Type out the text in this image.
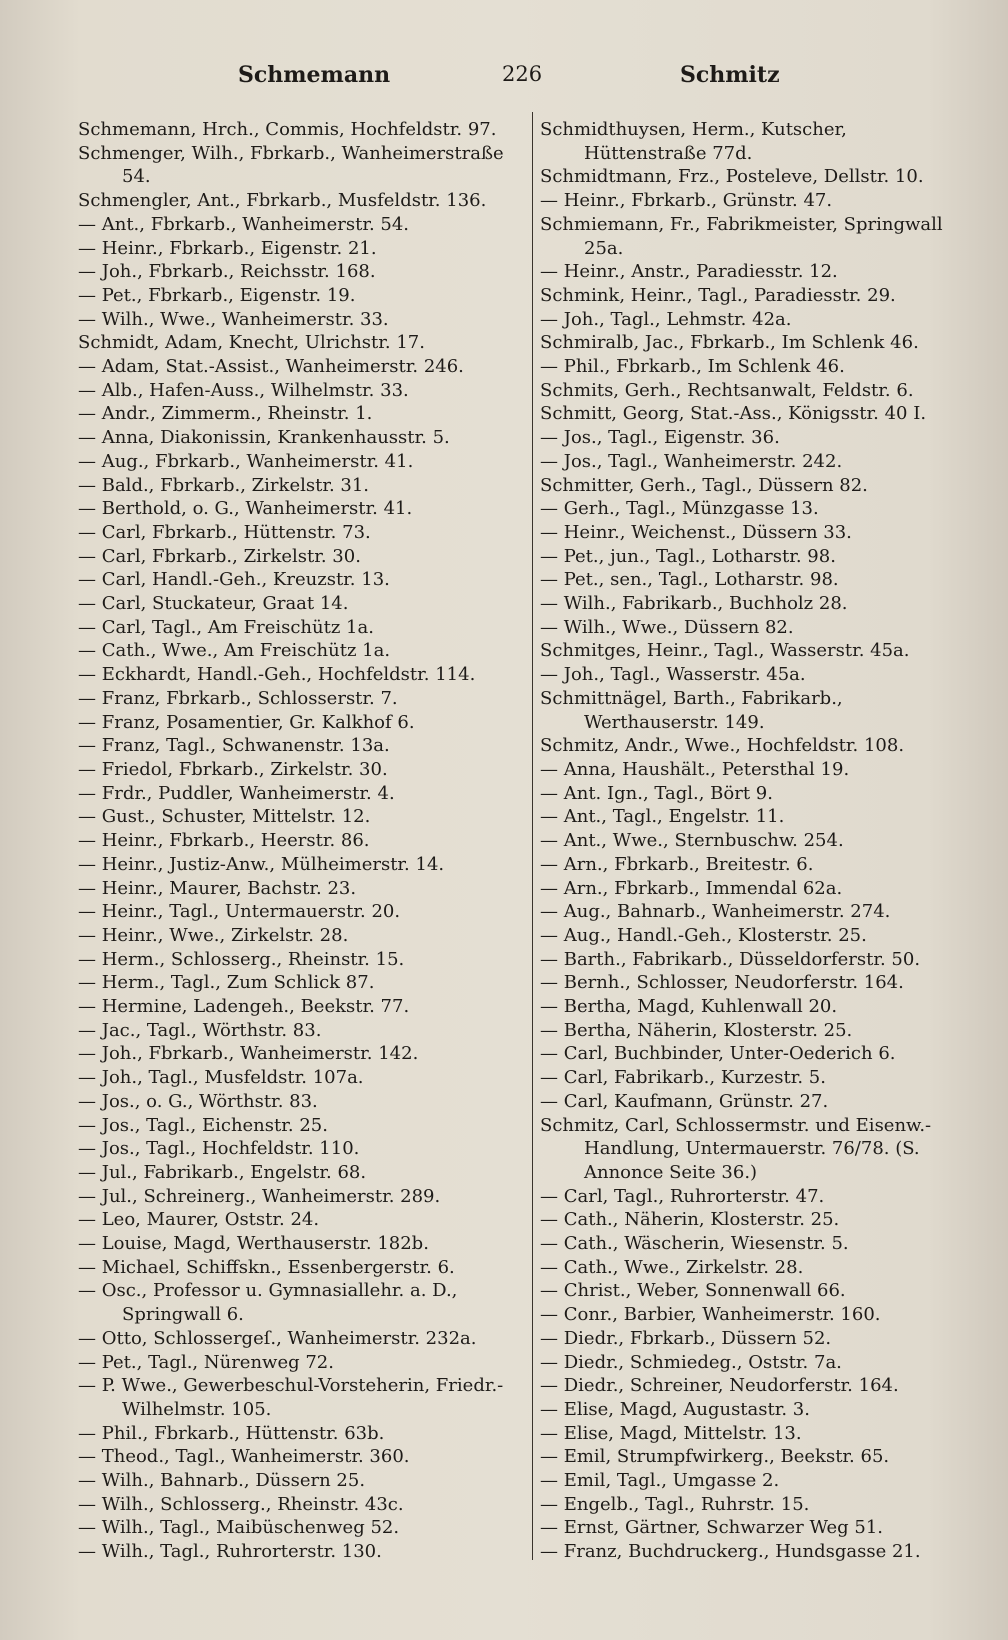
Schmemann	226	Schmitz
Schmemann, Hrch., Commis, Hochfeldstr. 97.
Schmenger, Wilh., Fbrkarb., Wanheimerstraße 54.
Schmengler, Ant., Fbrkarb., Musfeldstr. 136.
— Ant., Fbrkarb., Wanheimerstr. 54.
— Heinr., Fbrkarb., Eigenstr. 21.
— Joh., Fbrkarb., Reichsstr. 168.
— Pet., Fbrkarb., Eigenstr. 19.
— Wilh., Wwe., Wanheimerstr. 33.
Schmidt, Adam, Knecht, Ulrichstr. 17.
— Adam, Stat.-Assist., Wanheimerstr. 246.
— Alb., Hafen-Auss., Wilhelmstr. 33.
— Andr., Zimmerm., Rheinstr. 1.
— Anna, Diakonissin, Krankenhausstr. 5.
— Aug., Fbrkarb., Wanheimerstr. 41.
— Bald., Fbrkarb., Zirkelstr. 31.
— Berthold, o. G., Wanheimerstr. 41.
— Carl, Fbrkarb., Hüttenstr. 73.
— Carl, Fbrkarb., Zirkelstr. 30.
— Carl, Handl.-Geh., Kreuzstr. 13.
— Carl, Stuckateur, Graat 14.
— Carl, Tagl., Am Freischütz 1a.
— Cath., Wwe., Am Freischütz 1a.
— Eckhardt, Handl.-Geh., Hochfeldstr. 114.
— Franz, Fbrkarb., Schlosserstr. 7.
— Franz, Posamentier, Gr. Kalkhof 6.
— Franz, Tagl., Schwanenstr. 13a.
— Friedol, Fbrkarb., Zirkelstr. 30.
— Frdr., Puddler, Wanheimerstr. 4.
— Gust., Schuster, Mittelstr. 12.
— Heinr., Fbrkarb., Heerstr. 86.
— Heinr., Justiz-Anw., Mülheimerstr. 14.
— Heinr., Maurer, Bachstr. 23.
— Heinr., Tagl., Untermauerstr. 20.
— Heinr., Wwe., Zirkelstr. 28.
— Herm., Schlosserg., Rheinstr. 15.
— Herm., Tagl., Zum Schlick 87.
— Hermine, Ladengeh., Beekstr. 77.
— Jac., Tagl., Wörthstr. 83.
— Joh., Fbrkarb., Wanheimerstr. 142.
— Joh., Tagl., Musfeldstr. 107a.
— Jos., o. G., Wörthstr. 83.
— Jos., Tagl., Eichenstr. 25.
— Jos., Tagl., Hochfeldstr. 110.
— Jul., Fabrikarb., Engelstr. 68.
— Jul., Schreinerg., Wanheimerstr. 289.
— Leo, Maurer, Oststr. 24.
— Louise, Magd, Werthauserstr. 182b.
— Michael, Schiffskn., Essenbergerstr. 6.
— Osc., Professor u. Gymnasiallehr. a. D., Springwall 6.
— Otto, Schlossergeſ., Wanheimerstr. 232a.
— Pet., Tagl., Nürenweg 72.
— P. Wwe., Gewerbeschul-Vorsteherin, Friedr.-Wilhelmstr. 105.
— Phil., Fbrkarb., Hüttenstr. 63b.
— Theod., Tagl., Wanheimerstr. 360.
— Wilh., Bahnarb., Düssern 25.
— Wilh., Schlosserg., Rheinstr. 43c.
— Wilh., Tagl., Maibüschenweg 52.
— Wilh., Tagl., Ruhrorterstr. 130.
Schmidthuysen, Herm., Kutscher, Hüttenstraße 77d.
Schmidtmann, Frz., Posteleve, Dellstr. 10.
— Heinr., Fbrkarb., Grünstr. 47.
Schmiemann, Fr., Fabrikmeister, Springwall 25a.
— Heinr., Anstr., Paradiesstr. 12.
Schmink, Heinr., Tagl., Paradiesstr. 29.
— Joh., Tagl., Lehmstr. 42a.
Schmiralb, Jac., Fbrkarb., Im Schlenk 46.
— Phil., Fbrkarb., Im Schlenk 46.
Schmits, Gerh., Rechtsanwalt, Feldstr. 6.
Schmitt, Georg, Stat.-Ass., Königsstr. 40 I.
— Jos., Tagl., Eigenstr. 36.
— Jos., Tagl., Wanheimerstr. 242.
Schmitter, Gerh., Tagl., Düssern 82.
— Gerh., Tagl., Münzgasse 13.
— Heinr., Weichenst., Düssern 33.
— Pet., jun., Tagl., Lotharstr. 98.
— Pet., sen., Tagl., Lotharstr. 98.
— Wilh., Fabrikarb., Buchholz 28.
— Wilh., Wwe., Düssern 82.
Schmitges, Heinr., Tagl., Wasserstr. 45a.
— Joh., Tagl., Wasserstr. 45a.
Schmittnägel, Barth., Fabrikarb., Werthauserstr. 149.
Schmitz, Andr., Wwe., Hochfeldstr. 108.
— Anna, Haushält., Petersthal 19.
— Ant. Ign., Tagl., Bört 9.
— Ant., Tagl., Engelstr. 11.
— Ant., Wwe., Sternbuschw. 254.
— Arn., Fbrkarb., Breitestr. 6.
— Arn., Fbrkarb., Immendal 62a.
— Aug., Bahnarb., Wanheimerstr. 274.
— Aug., Handl.-Geh., Klosterstr. 25.
— Barth., Fabrikarb., Düsseldorferstr. 50.
— Bernh., Schlosser, Neudorferstr. 164.
— Bertha, Magd, Kuhlenwall 20.
— Bertha, Näherin, Klosterstr. 25.
— Carl, Buchbinder, Unter-Oederich 6.
— Carl, Fabrikarb., Kurzestr. 5.
— Carl, Kaufmann, Grünstr. 27.
Schmitz, Carl, Schlossermstr. und Eisenw.-Handlung, Untermauerstr. 76/78. (S. Annonce Seite 36.)
— Carl, Tagl., Ruhrorterstr. 47.
— Cath., Näherin, Klosterstr. 25.
— Cath., Wäscherin, Wiesenstr. 5.
— Cath., Wwe., Zirkelstr. 28.
— Christ., Weber, Sonnenwall 66.
— Conr., Barbier, Wanheimerstr. 160.
— Diedr., Fbrkarb., Düssern 52.
— Diedr., Schmiedeg., Oststr. 7a.
— Diedr., Schreiner, Neudorferstr. 164.
— Elise, Magd, Augustastr. 3.
— Elise, Magd, Mittelstr. 13.
— Emil, Strumpfwirkerg., Beekstr. 65.
— Emil, Tagl., Umgasse 2.
— Engelb., Tagl., Ruhrstr. 15.
— Ernst, Gärtner, Schwarzer Weg 51.
— Franz, Buchdruckerg., Hundsgasse 21.
